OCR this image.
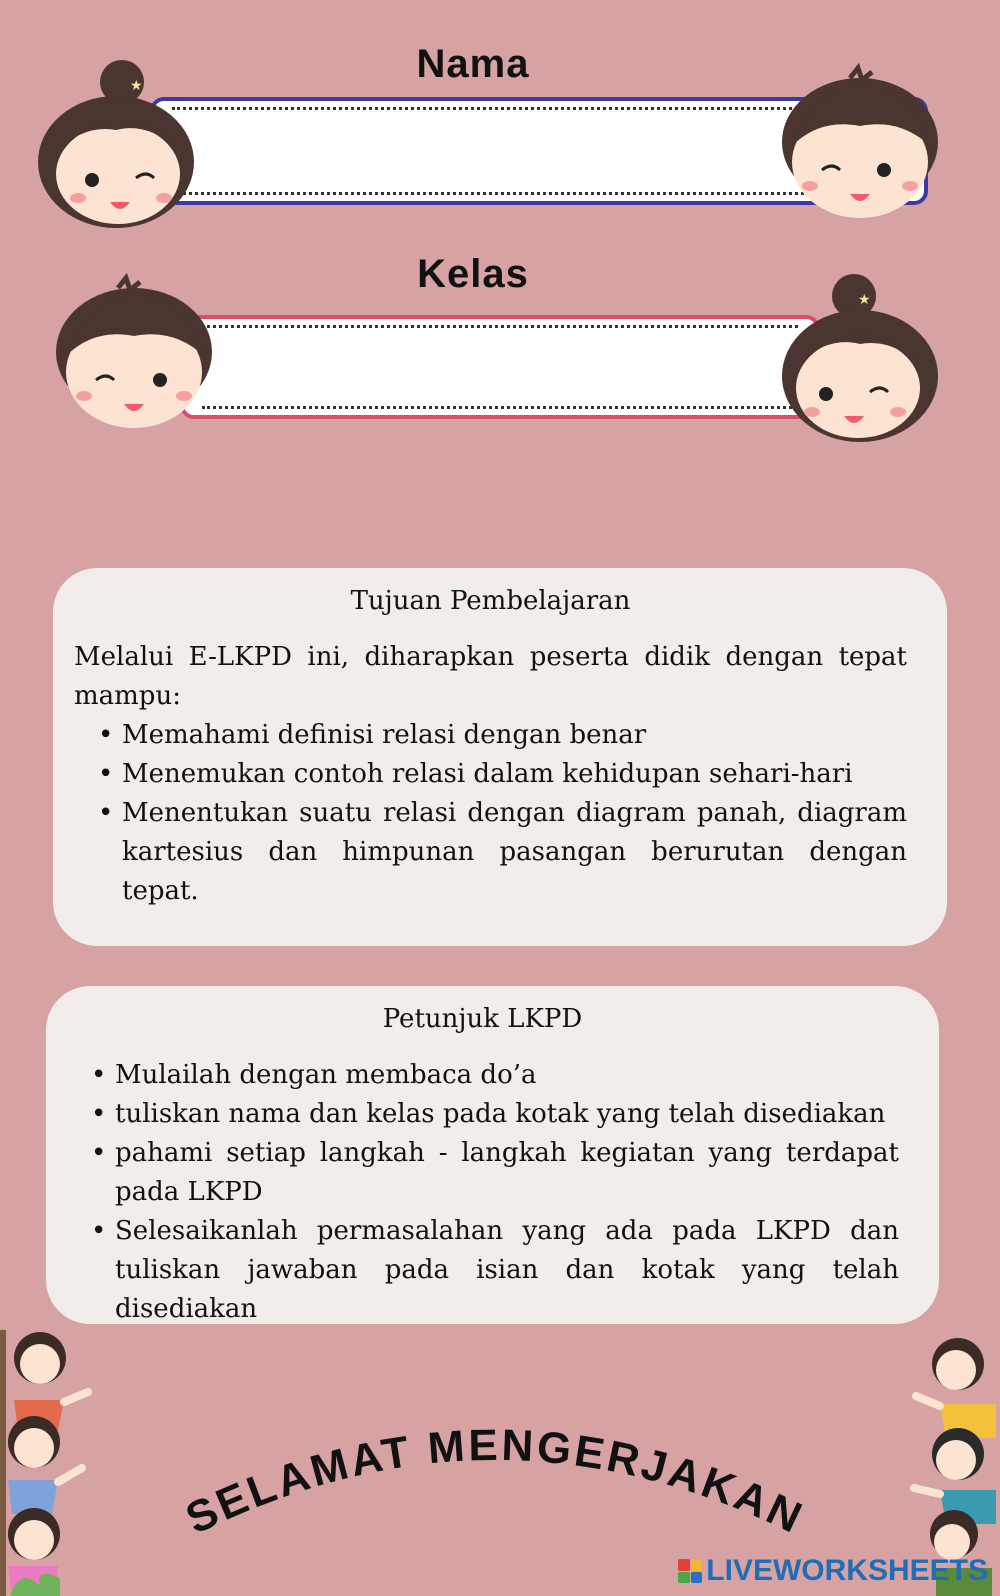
Nama
Kelas
★
★
Tujuan Pembelajaran

Melalui E-LKPD ini, diharapkan peserta didik dengan tepat mampu:

• Memahami definisi relasi dengan benar
• Menemukan contoh relasi dalam kehidupan sehari-hari
• Menentukan suatu relasi dengan diagram panah, diagram kartesius dan himpunan pasangan berurutan dengan tepat.
Petunjuk LKPD
• Mulailah dengan membaca do’a
• tuliskan nama dan kelas pada kotak yang telah disediakan
• pahami setiap langkah - langkah kegiatan yang terdapat pada LKPD
• Selesaikanlah permasalahan yang ada pada LKPD dan tuliskan jawaban pada isian dan kotak yang telah disediakan
SELAMAT MENGERJAKAN
LIVEWORKSHEETS
